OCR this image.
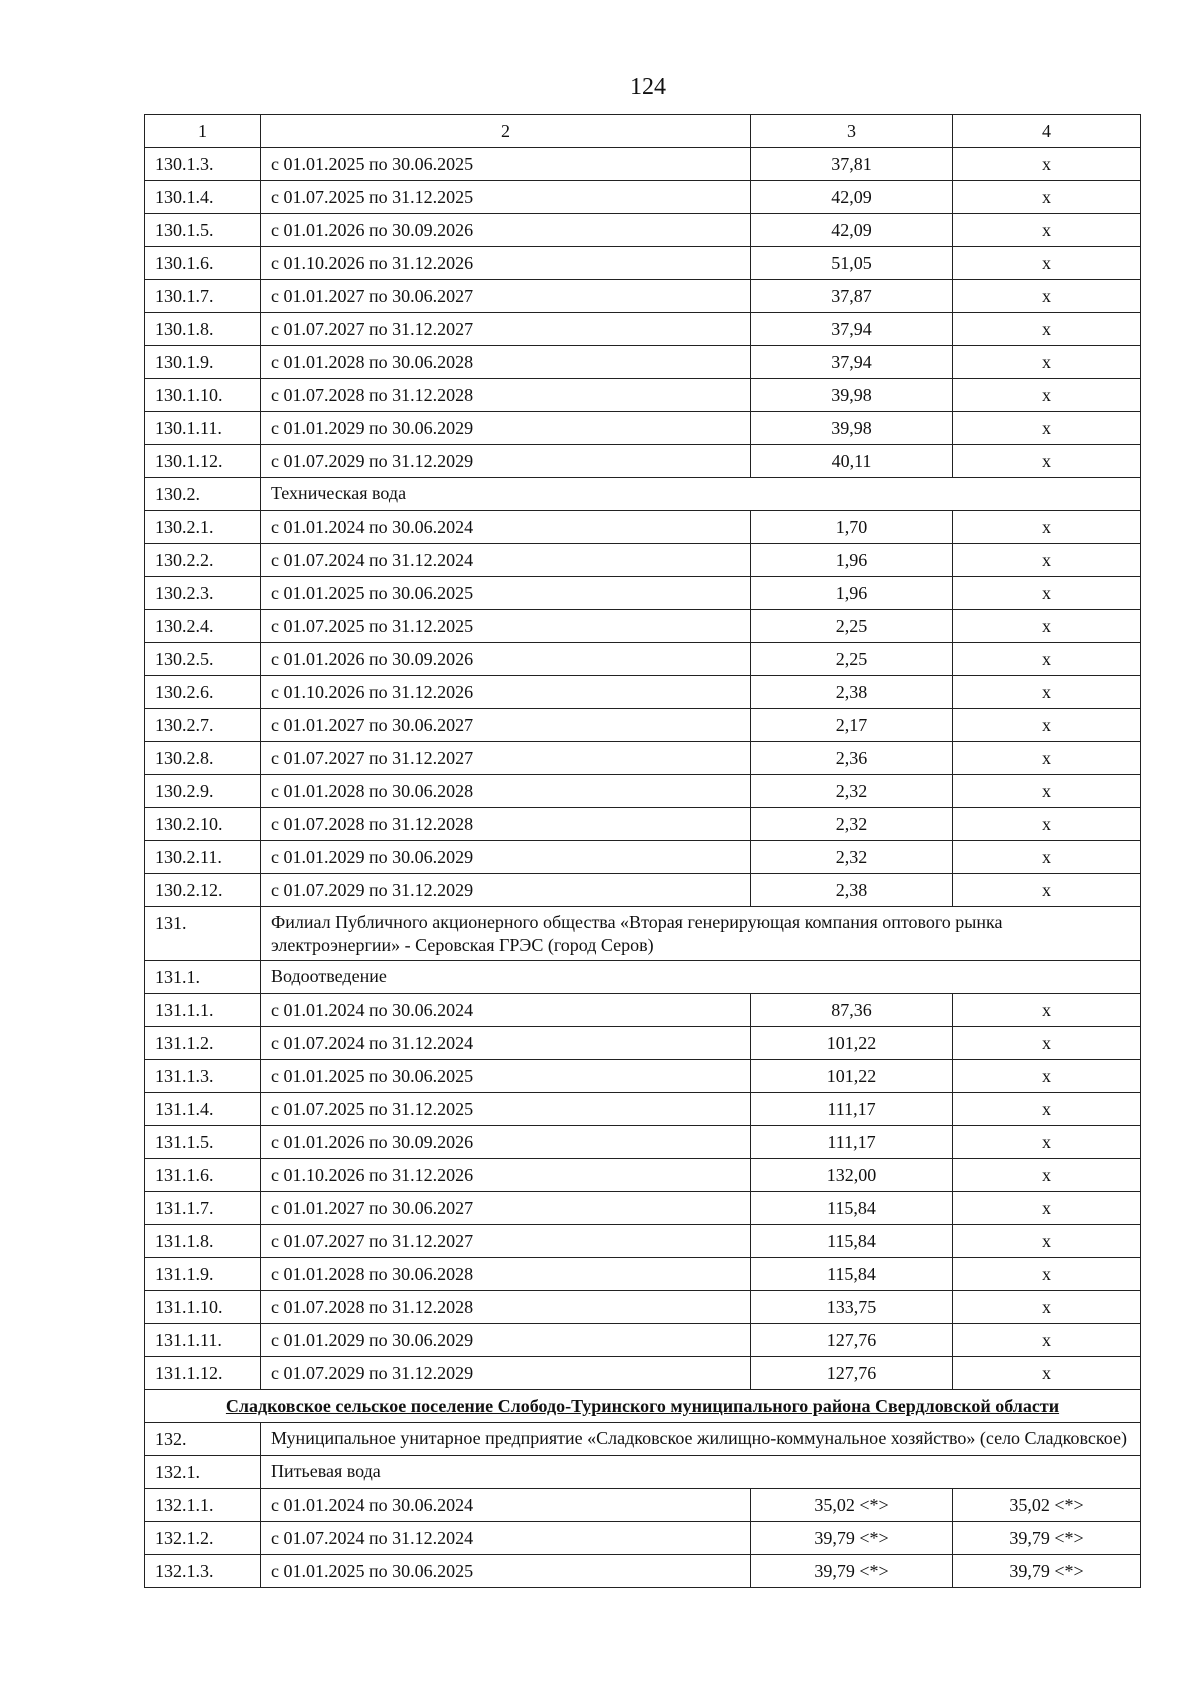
124
1	2	3	4
130.1.3.	с 01.01.2025 по 30.06.2025	37,81	х
130.1.4.	с 01.07.2025 по 31.12.2025	42,09	х
130.1.5.	с 01.01.2026 по 30.09.2026	42,09	х
130.1.6.	с 01.10.2026 по 31.12.2026	51,05	х
130.1.7.	с 01.01.2027 по 30.06.2027	37,87	х
130.1.8.	с 01.07.2027 по 31.12.2027	37,94	х
130.1.9.	с 01.01.2028 по 30.06.2028	37,94	х
130.1.10.	с 01.07.2028 по 31.12.2028	39,98	х
130.1.11.	с 01.01.2029 по 30.06.2029	39,98	х
130.1.12.	с 01.07.2029 по 31.12.2029	40,11	х
130.2.	Техническая вода		
130.2.1.	с 01.01.2024 по 30.06.2024	1,70	х
130.2.2.	с 01.07.2024 по 31.12.2024	1,96	х
130.2.3.	с 01.01.2025 по 30.06.2025	1,96	х
130.2.4.	с 01.07.2025 по 31.12.2025	2,25	х
130.2.5.	с 01.01.2026 по 30.09.2026	2,25	х
130.2.6.	с 01.10.2026 по 31.12.2026	2,38	х
130.2.7.	с 01.01.2027 по 30.06.2027	2,17	х
130.2.8.	с 01.07.2027 по 31.12.2027	2,36	х
130.2.9.	с 01.01.2028 по 30.06.2028	2,32	х
130.2.10.	с 01.07.2028 по 31.12.2028	2,32	х
130.2.11.	с 01.01.2029 по 30.06.2029	2,32	х
130.2.12.	с 01.07.2029 по 31.12.2029	2,38	х
131.	Филиал Публичного акционерного общества «Вторая генерирующая компания оптового рынка электроэнергии» - Серовская ГРЭС (город Серов)		
131.1.	Водоотведение		
131.1.1.	с 01.01.2024 по 30.06.2024	87,36	х
131.1.2.	с 01.07.2024 по 31.12.2024	101,22	х
131.1.3.	с 01.01.2025 по 30.06.2025	101,22	х
131.1.4.	с 01.07.2025 по 31.12.2025	111,17	х
131.1.5.	с 01.01.2026 по 30.09.2026	111,17	х
131.1.6.	с 01.10.2026 по 31.12.2026	132,00	х
131.1.7.	с 01.01.2027 по 30.06.2027	115,84	х
131.1.8.	с 01.07.2027 по 31.12.2027	115,84	х
131.1.9.	с 01.01.2028 по 30.06.2028	115,84	х
131.1.10.	с 01.07.2028 по 31.12.2028	133,75	х
131.1.11.	с 01.01.2029 по 30.06.2029	127,76	х
131.1.12.	с 01.07.2029 по 31.12.2029	127,76	х
Сладковское сельское поселение Слободо-Туринского муниципального района Свердловской области			
132.	Муниципальное унитарное предприятие «Сладковское жилищно-коммунальное хозяйство» (село Сладковское)		
132.1.	Питьевая вода		
132.1.1.	с 01.01.2024 по 30.06.2024	35,02 <*>	35,02 <*>
132.1.2.	с 01.07.2024 по 31.12.2024	39,79 <*>	39,79 <*>
132.1.3.	с 01.01.2025 по 30.06.2025	39,79 <*>	39,79 <*>
